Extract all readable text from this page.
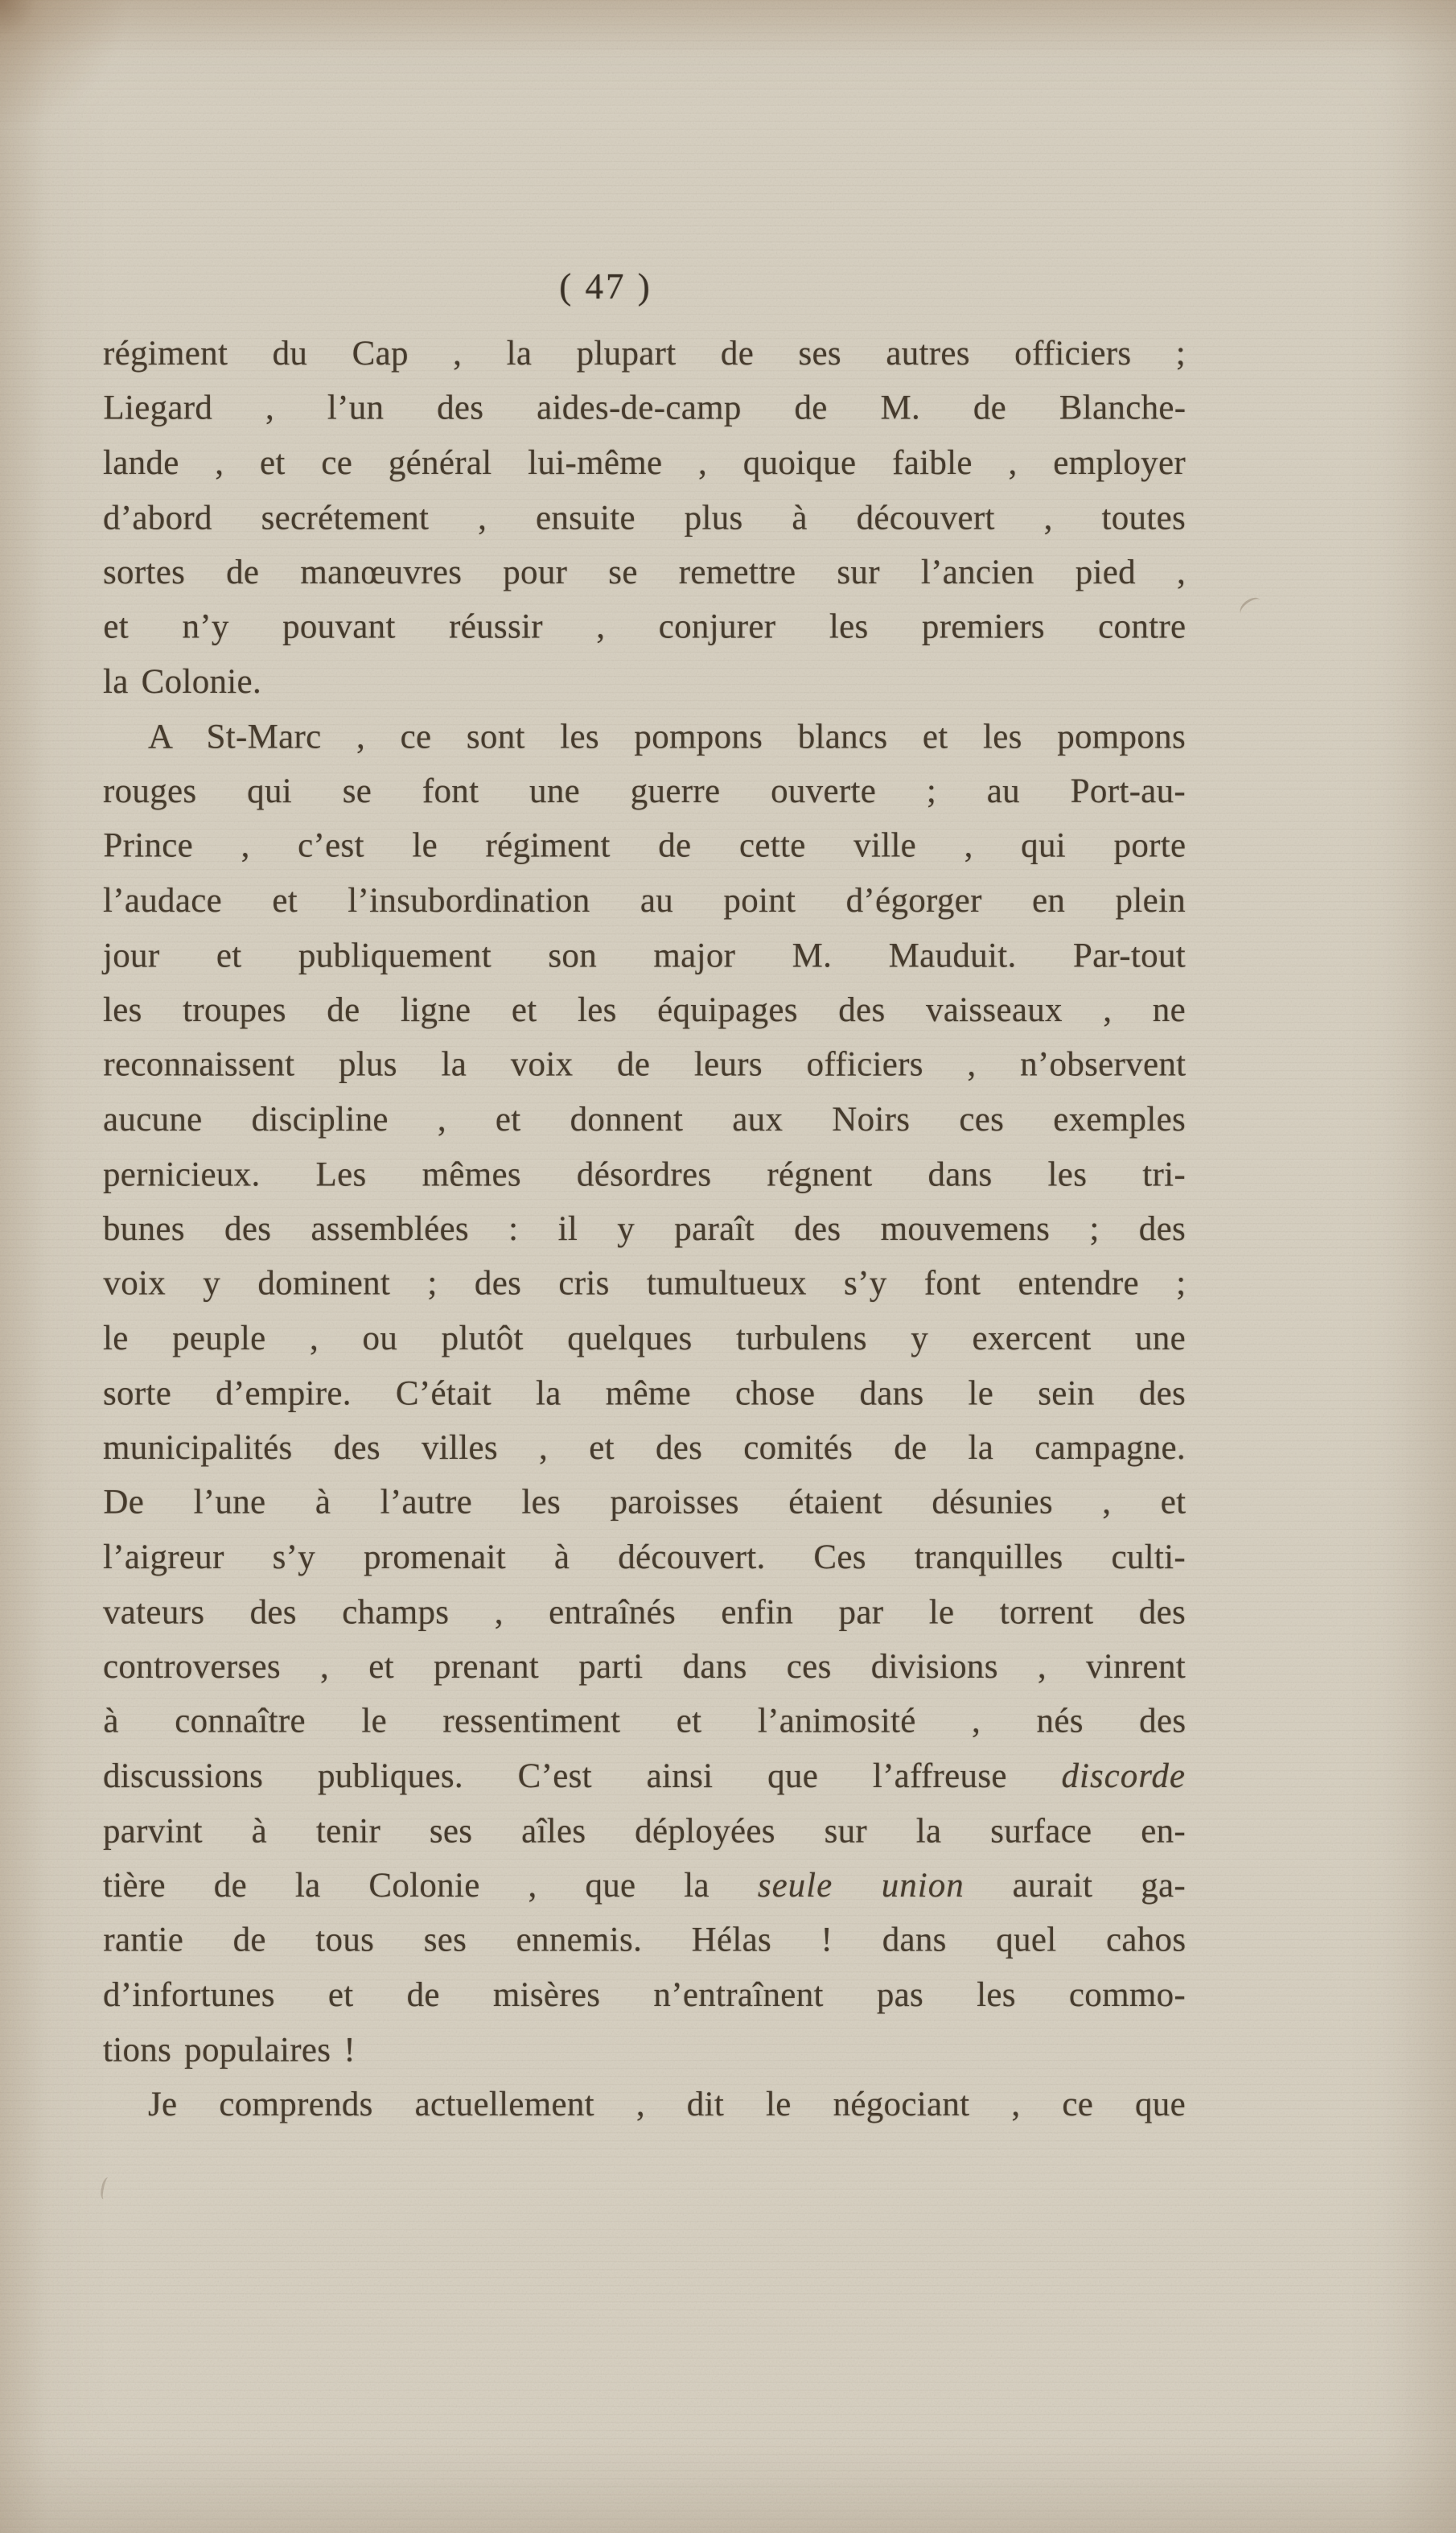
( 47 )
régiment du Cap , la plupart de ses autres officiers ;
Liegard , l’un des aides-de-camp de M. de Blanche-
lande , et ce général lui-même , quoique faible , employer
d’abord secrétement , ensuite plus à découvert , toutes
sortes de manœuvres pour se remettre sur l’ancien pied ,
et n’y pouvant réussir , conjurer les premiers contre
la Colonie.
A St-Marc , ce sont les pompons blancs et les pompons
rouges qui se font une guerre ouverte ; au Port-au-
Prince , c’est le régiment de cette ville , qui porte
l’audace et l’insubordination au point d’égorger en plein
jour et publiquement son major M. Mauduit. Par-tout
les troupes de ligne et les équipages des vaisseaux , ne
reconnaissent plus la voix de leurs officiers , n’observent
aucune discipline , et donnent aux Noirs ces exemples
pernicieux. Les mêmes désordres régnent dans les tri-
bunes des assemblées : il y paraît des mouvemens ; des
voix y dominent ; des cris tumultueux s’y font entendre ;
le peuple , ou plutôt quelques turbulens y exercent une
sorte d’empire. C’était la même chose dans le sein des
municipalités des villes , et des comités de la campagne.
De l’une à l’autre les paroisses étaient désunies , et
l’aigreur s’y promenait à découvert. Ces tranquilles culti-
vateurs des champs , entraînés enfin par le torrent des
controverses , et prenant parti dans ces divisions , vinrent
à connaître le ressentiment et l’animosité , nés des
discussions publiques. C’est ainsi que l’affreuse discorde
parvint à tenir ses aîles déployées sur la surface en-
tière de la Colonie , que la seule union aurait ga-
rantie de tous ses ennemis. Hélas ! dans quel cahos
d’infortunes et de misères n’entraînent pas les commo-
tions populaires !
Je comprends actuellement , dit le négociant , ce que
